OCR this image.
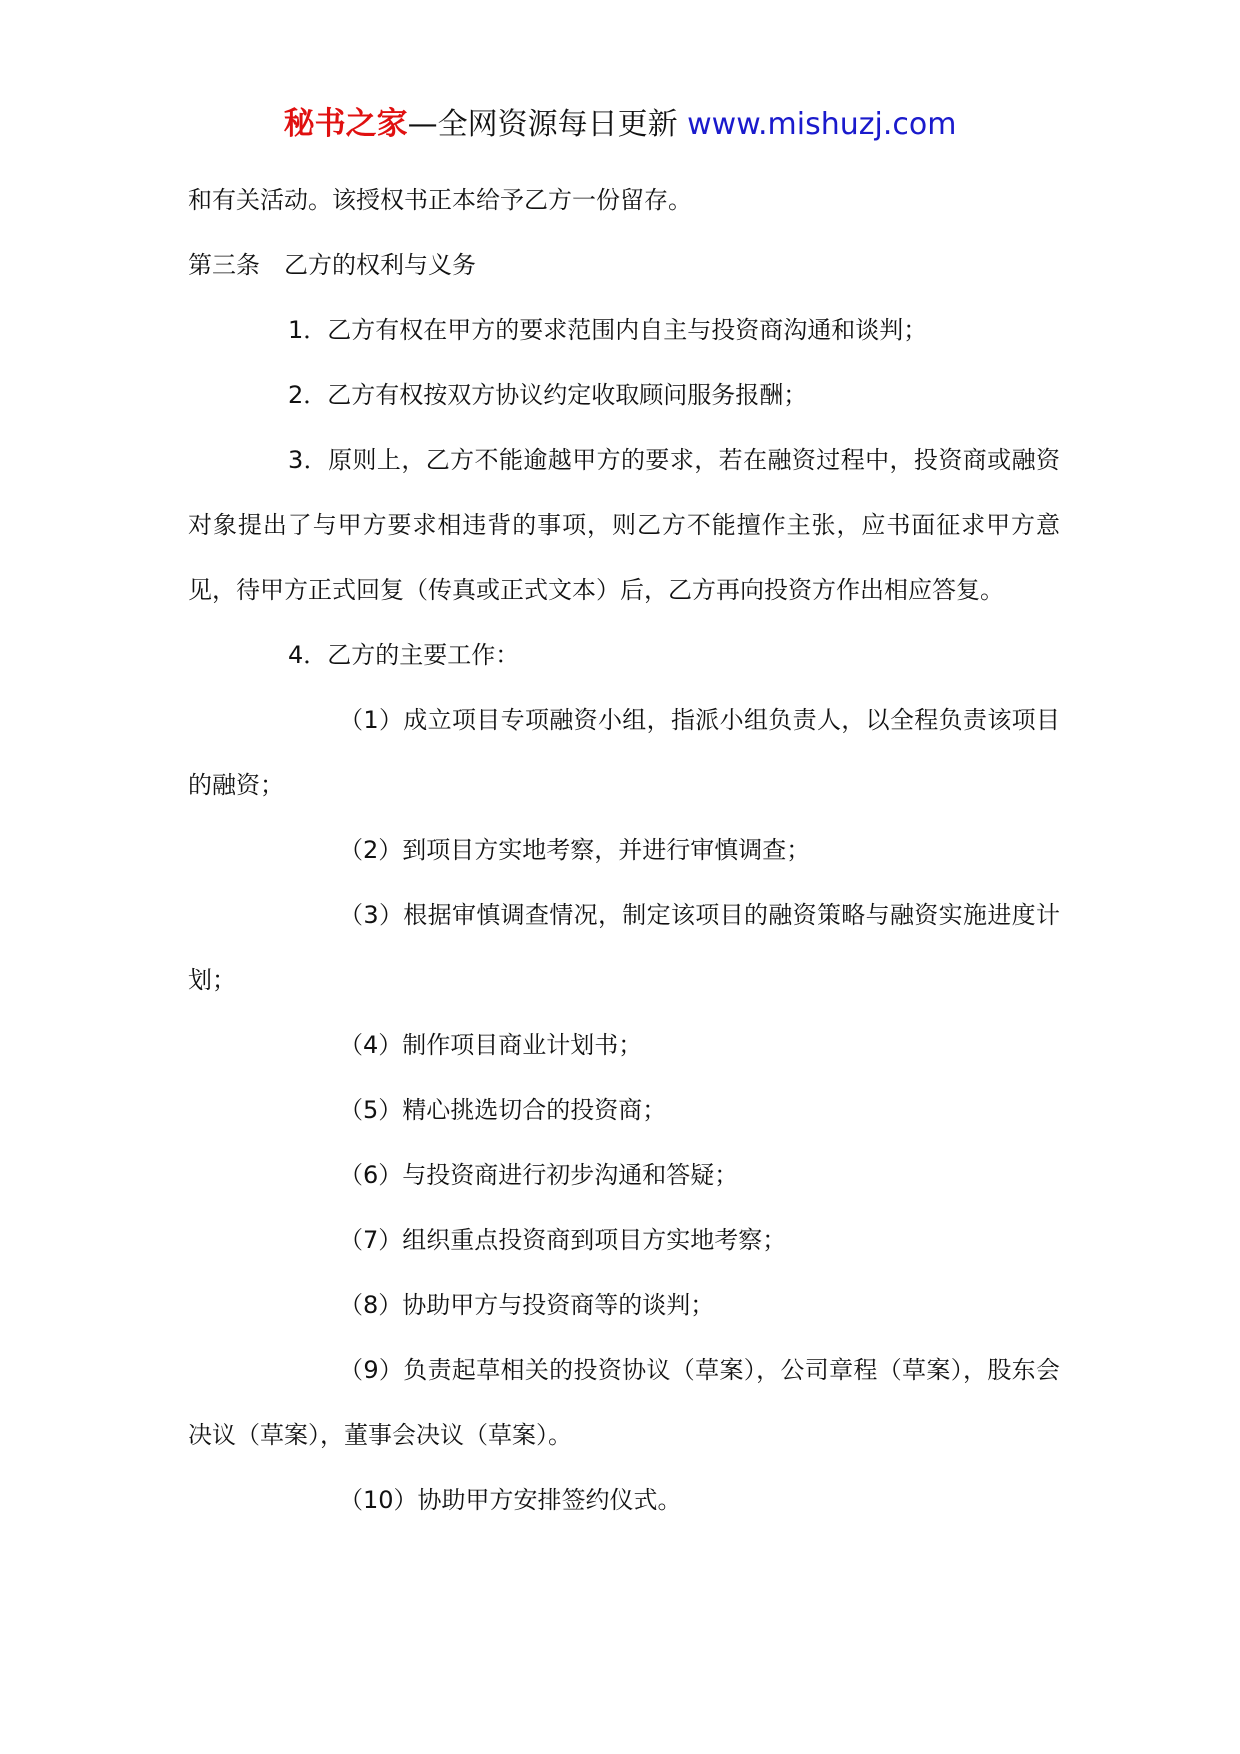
秘书之家—全网资源每日更新 www.mishuzj.com

和有关活动。该授权书正本给予乙方一份留存。

第三条　乙方的权利与义务

1．乙方有权在甲方的要求范围内自主与投资商沟通和谈判；

2．乙方有权按双方协议约定收取顾问服务报酬；

3．原则上，乙方不能逾越甲方的要求，若在融资过程中，投资商或融资对象提出了与甲方要求相违背的事项，则乙方不能擅作主张，应书面征求甲方意见，待甲方正式回复（传真或正式文本）后，乙方再向投资方作出相应答复。

4．乙方的主要工作：

（1）成立项目专项融资小组，指派小组负责人，以全程负责该项目的融资；

（2）到项目方实地考察，并进行审慎调查；

（3）根据审慎调查情况，制定该项目的融资策略与融资实施进度计划；

（4）制作项目商业计划书；

（5）精心挑选切合的投资商；

（6）与投资商进行初步沟通和答疑；

（7）组织重点投资商到项目方实地考察；

（8）协助甲方与投资商等的谈判；

（9）负责起草相关的投资协议（草案），公司章程（草案），股东会决议（草案），董事会决议（草案）。

（10）协助甲方安排签约仪式。
